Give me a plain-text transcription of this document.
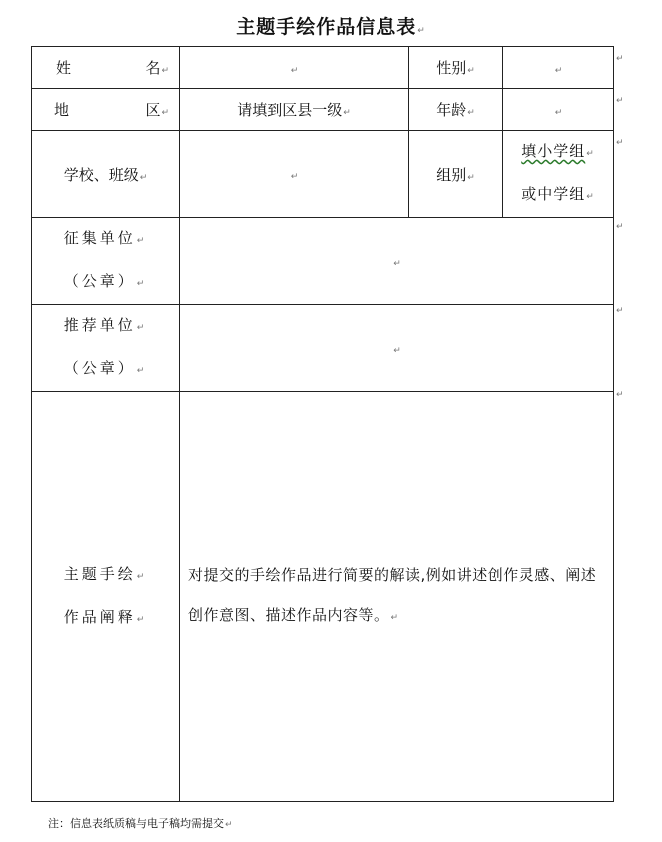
主题手绘作品信息表↵
姓 名↵	↵	性别↵	↵

地 区↵	请填到区县一级↵	年龄↵	↵
学校、班级↵	↵	组别↵	填小学组↵
或中学组↵

征集单位↵
（公章）↵	↵		

推荐单位↵
（公章）↵	↵		

主题手绘↵
作品阐释↵	对提交的手绘作品进行简要的解读,例如讲述创作灵感、阐述创作意图、描述作品内容等。↵		
↵
↵
↵
↵
↵
↵
注：信息表纸质稿与电子稿均需提交↵
